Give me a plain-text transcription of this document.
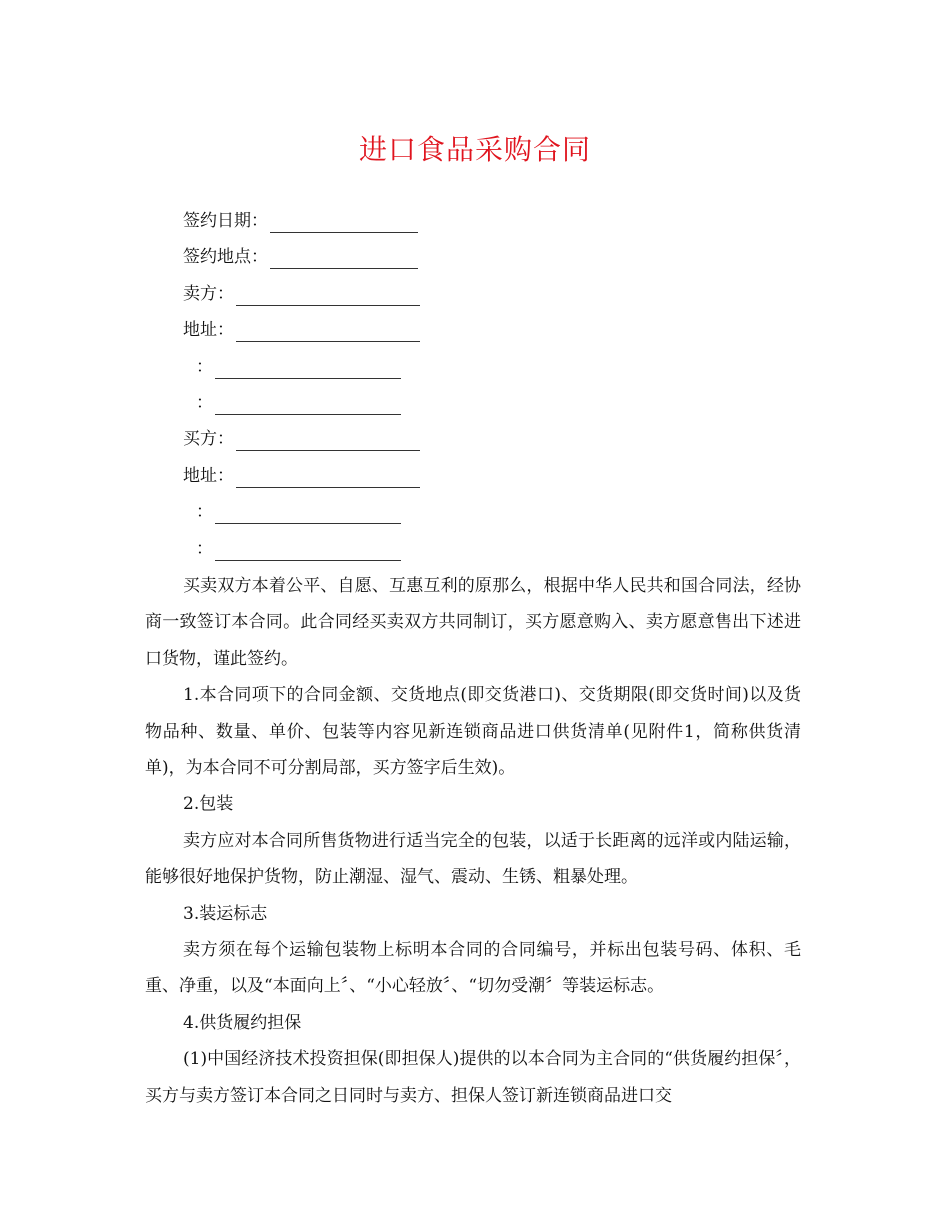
进口食品采购合同
签约日期：
签约地点：
卖方：
地址：
：
：
买方：
地址：
：
：

买卖双方本着公平、自愿、互惠互利的原那么，根据中华人民共和国合同法，经协商一致签订本合同。此合同经买卖双方共同制订，买方愿意购入、卖方愿意售出下述进口货物，谨此签约。

1.本合同项下的合同金额、交货地点(即交货港口)、交货期限(即交货时间)以及货物品种、数量、单价、包装等内容见新连锁商品进口供货清单(见附件1，简称供货清单)，为本合同不可分割局部，买方签字后生效)。

2.包装

卖方应对本合同所售货物进行适当完全的包装，以适于长距离的远洋或内陆运输，能够很好地保护货物，防止潮湿、湿气、震动、生锈、粗暴处理。

3.装运标志

卖方须在每个运输包装物上标明本合同的合同编号，并标出包装号码、体积、毛重、净重，以及“本面向上〞、“小心轻放〞、“切勿受潮〞等装运标志。

4.供货履约担保

(1)中国经济技术投资担保(即担保人)提供的以本合同为主合同的“供货履约担保〞，买方与卖方签订本合同之日同时与卖方、担保人签订新连锁商品进口交
